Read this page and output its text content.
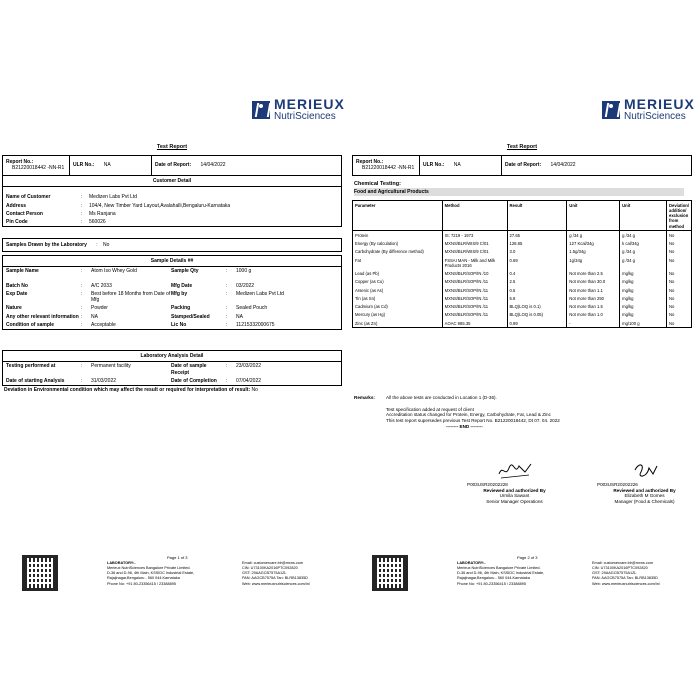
MERIEUX
NutriSciences
Test Report
Report No.: B21220018442 -NN-R1	ULR No.: NA	Date of Report: 14/04/2022
Customer Detail
Name of Customer	:	Medizen Labs Pvt Ltd
Address	:	104/4, New Timber Yard Layout,Avalahalli,Bengaluru-Karnataka
Contact Person	:	Ms Ranjana
Pin Code	:	560026
Samples Drawn by the Laboratory : No
Sample Details ##
Sample Name	:	Atom Iso Whey Gold	Sample Qty	:	1000 g
Batch No	:	A/C 2033	Mfg Date	:	03/2022
Exp Date	:	Best before 18 Months from Date of Mfg
Mfg by	:	Medizen Labs Pvt Ltd
Nature	:	Powder	Packing	:	Sealed Pouch
Any other relevant information :	NA	Stamped/Sealed	:	NA
Condition of sample	:	Acceptable	Lic No	:	11215332000675
Laboratory Analysis Detail
Testing performed at	:	Permanent facility	Date of sample Receipt
:	23/03/2022
Date of starting Analysis	:	31/03/2022	Date of Completion	:	07/04/2022
Deviation in Environmental condition which may affect the result or required for interpretation of result: No
Page 1 of 3
LABORATORY:-
Merieux NutriSciences Bangalore Private Limited.
D-36 and D-96, 4th Main, KSSIDC Industrial Estate,
Rajajinagar,Bengaluru - 560 044.Karnataka
Phone No: +91 80-23356415 / 23388895
Email: customercare.blr@mxns.com
CIN: U73100KA2016PTC092820
GST: 29AAGCB7575A1ZL
PAN: AAGCB7575A Tan: BLRB13835D
Web: www.merieuxnutrisciences.com/in/
MERIEUX
NutriSciences
Test Report
Report No.: B21220018442 -NN-R1	ULR No.: NA	Date of Report: 14/04/2022
Chemical Testing:
Food and Agricultural Products
Parameter	Method	Result	Unit	Unit	Deviation/ addition/ exclusion from method
Protein	IS: 7219 - 1973	27.65	g /34 g	g /34 g	No
Energy (By calculation)	MXNS/BLR/WIS/9 C/01	128.85	127 Kcal/34g	k cal/34g	No
Carbohydrate (By difference method)	MXNS/BLR/WIS/9 C/01	3.0	1.5g/34g	g /34 g	No
Fat	FSSAI MAN - Milk and Milk Products 2016	0.69	1g/34g	g /34 g	No
Lead (as Pb)	MXNS/BLR/SOP/IN /10	0.4	Not more than 2.5	mg/kg	No
Copper (as Cu)	MXNS/BLR/SOP/IN /11	2.5	Not more than 30.0	mg/kg	No
Arsenic (as As)	MXNS/BLR/SOP/IN /11	0.5	Not more than 1.1	mg/kg	No
Tin (as Sn)	MXNS/BLR/SOP/IN /11	5.8	Not more than 250	mg/kg	No
Cadmium (as Cd)	MXNS/BLR/SOP/IN /11	BLQ(LOQ is 0.1)	Not more than 1.5	mg/kg	No
Mercury (as Hg)	MXNS/BLR/SOP/IN /11	BLQ(LOQ is 0.05)	Not more than 1.0	mg/kg	No
Zinc (as Zn)	AOAC 985.35	0.99	-	mg/100 g	No
Remarks:	All the above tests are conducted in Location 1 (D-36).
Test specification added at request of client
Accreditation status changed for Protein, Energy, Carbohydrate, Fat, Lead & Zinc
This test report supersedes previous Test Report No. B21220018442, Dt 07. 04. 2022
-------- END --------
P003USR20202228
Reviewed and authorized By
Urmila Sawant
Senior Manager Operations
P003USR20202226
Reviewed and authorized By
Elizabeth M Gomes
Manager (Food & Chemicals)
Page 2 of 3
LABORATORY:-
Merieux NutriSciences Bangalore Private Limited.
D-36 and D-96, 4th Main, KSSIDC Industrial Estate,
Rajajinagar,Bengaluru - 560 044.Karnataka
Phone No: +91 80-23356415 / 23388895
Email: customercare.blr@mxns.com
CIN: U73100KA2016PTC092820
GST: 29AAGCB7575A1ZL
PAN: AAGCB7575A Tan: BLRB13835D
Web: www.merieuxnutrisciences.com/in/
